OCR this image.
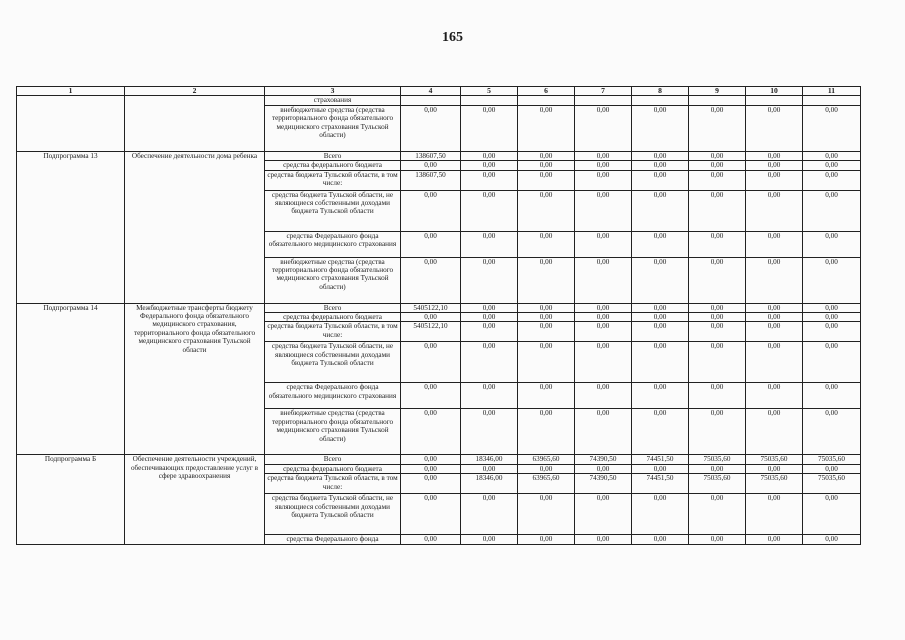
165
1	2	3	4	5	6	7	8	9	10	11
		страхования								
		внебюджетные средства (средства территориального фонда обязательного медицинского страхования Тульской области)	0,00	0,00	0,00	0,00	0,00	0,00	0,00	0,00
Подпрограмма 13	Обеспечение деятельности дома ребенка	Всего	138607,50	0,00	0,00	0,00	0,00	0,00	0,00	0,00
		средства федерального бюджета	0,00	0,00	0,00	0,00	0,00	0,00	0,00	0,00
		средства бюджета Тульской области, в том числе:	138607,50	0,00	0,00	0,00	0,00	0,00	0,00	0,00
		средства бюджета Тульской области, не являющиеся собственными доходами бюджета Тульской области	0,00	0,00	0,00	0,00	0,00	0,00	0,00	0,00
		средства Федерального фонда обязательного медицинского страхования	0,00	0,00	0,00	0,00	0,00	0,00	0,00	0,00
		внебюджетные средства (средства территориального фонда обязательного медицинского страхования Тульской области)	0,00	0,00	0,00	0,00	0,00	0,00	0,00	0,00
Подпрограмма 14	Межбюджетные трансферты бюджету Федерального фонда обязательного медицинского страхования, территориального фонда обязательного медицинского страхования Тульской области	Всего	5405122,10	0,00	0,00	0,00	0,00	0,00	0,00	0,00
		средства федерального бюджета	0,00	0,00	0,00	0,00	0,00	0,00	0,00	0,00
		средства бюджета Тульской области, в том числе:	5405122,10	0,00	0,00	0,00	0,00	0,00	0,00	0,00
		средства бюджета Тульской области, не являющиеся собственными доходами бюджета Тульской области	0,00	0,00	0,00	0,00	0,00	0,00	0,00	0,00
		средства Федерального фонда обязательного медицинского страхования	0,00	0,00	0,00	0,00	0,00	0,00	0,00	0,00
		внебюджетные средства (средства территориального фонда обязательного медицинского страхования Тульской области)	0,00	0,00	0,00	0,00	0,00	0,00	0,00	0,00
Подпрограмма Б	Обеспечение деятельности учреждений, обеспечивающих предоставление услуг в сфере здравоохранения	Всего	0,00	18346,00	63965,60	74390,50	74451,50	75035,60	75035,60	75035,60
		средства федерального бюджета	0,00	0,00	0,00	0,00	0,00	0,00	0,00	0,00
		средства бюджета Тульской области, в том числе:	0,00	18346,00	63965,60	74390,50	74451,50	75035,60	75035,60	75035,60
		средства бюджета Тульской области, не являющиеся собственными доходами бюджета Тульской области	0,00	0,00	0,00	0,00	0,00	0,00	0,00	0,00
		средства Федерального фонда	0,00	0,00	0,00	0,00	0,00	0,00	0,00	0,00
